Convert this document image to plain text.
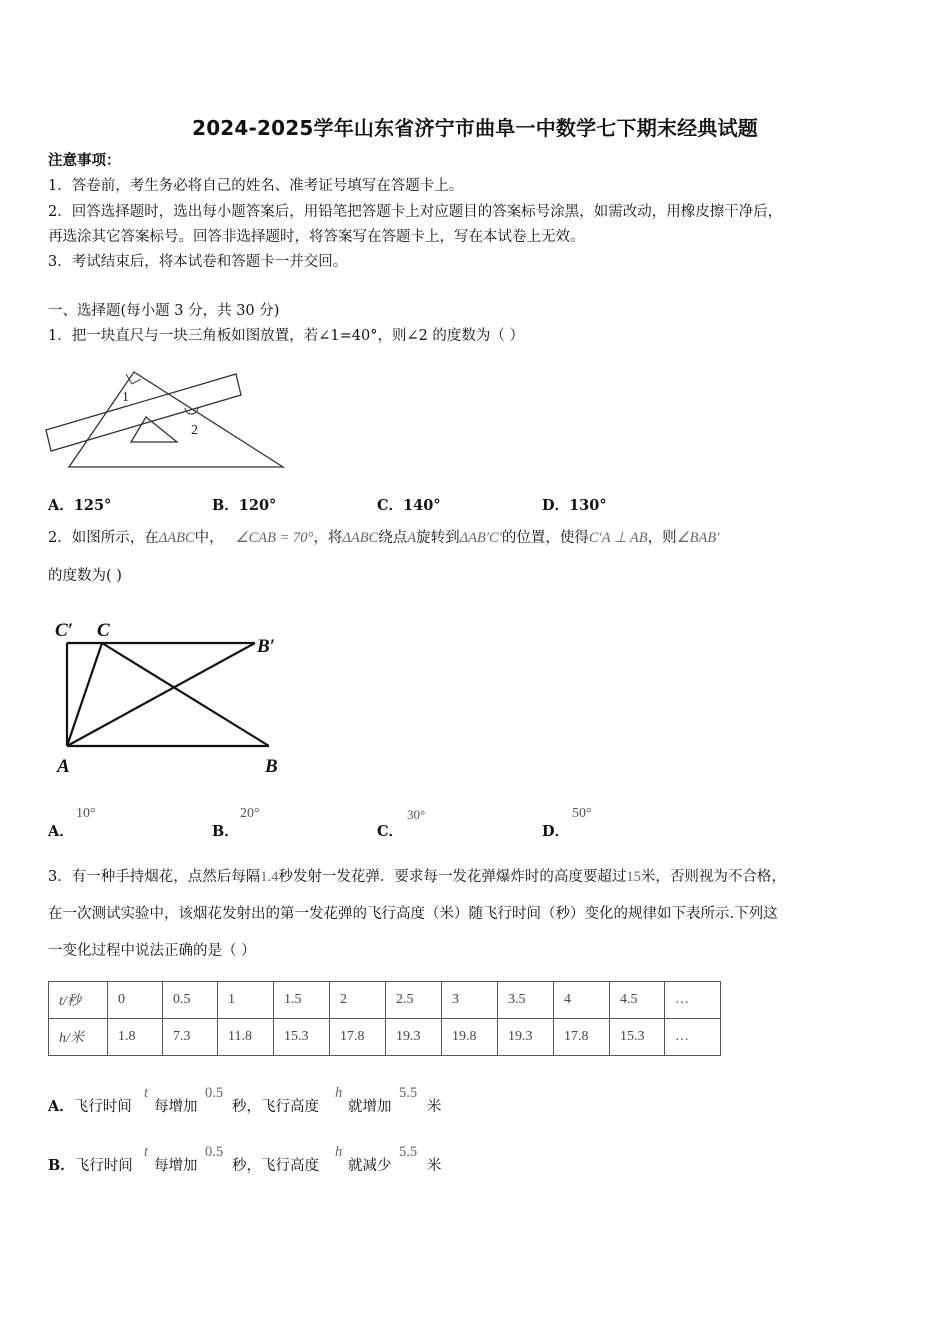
2024-2025学年山东省济宁市曲阜一中数学七下期末经典试题
注意事项：
1．答卷前，考生务必将自己的姓名、准考证号填写在答题卡上。
2．回答选择题时，选出每小题答案后，用铅笔把答题卡上对应题目的答案标号涂黑，如需改动，用橡皮擦干净后，
再选涂其它答案标号。回答非选择题时，将答案写在答题卡上，写在本试卷上无效。
3．考试结束后，将本试卷和答题卡一并交回。
一、选择题(每小题 3 分，共 30 分)
1．把一块直尺与一块三角板如图放置，若∠1=40°，则∠2 的度数为（ ）
1
2
A．125°	B．120°	C．140°	D．130°
2．如图所示，在ΔABC中， ∠CAB = 70°，将ΔABC绕点A旋转到ΔAB′C′的位置，使得C′A ⊥ AB，则∠BAB′
的度数为( )
C′ C
B′
A	B
A．
10°
B．
20°
C．
30°
D．
50°
3．有一种手持烟花，点然后每隔1.4秒发射一发花弹．要求每一发花弹爆炸时的高度要超过15米，否则视为不合格，
在一次测试实验中，该烟花发射出的第一发花弹的飞行高度（米）随飞行时间（秒）变化的规律如下表所示.下列这
一变化过程中说法正确的是（ ）
t/秒	0	0.5	1	1.5	2	2.5	3	3.5	4	4.5	…
h/米	1.8	7.3	11.8	15.3	17.8	19.3	19.8	19.3	17.8	15.3	…
A．飞行时间
t
每增加
0.5
秒，飞行高度
h
就增加
5.5
米
B．飞行时间
t
每增加
0.5
秒，飞行高度
h
就减少
5.5
米
